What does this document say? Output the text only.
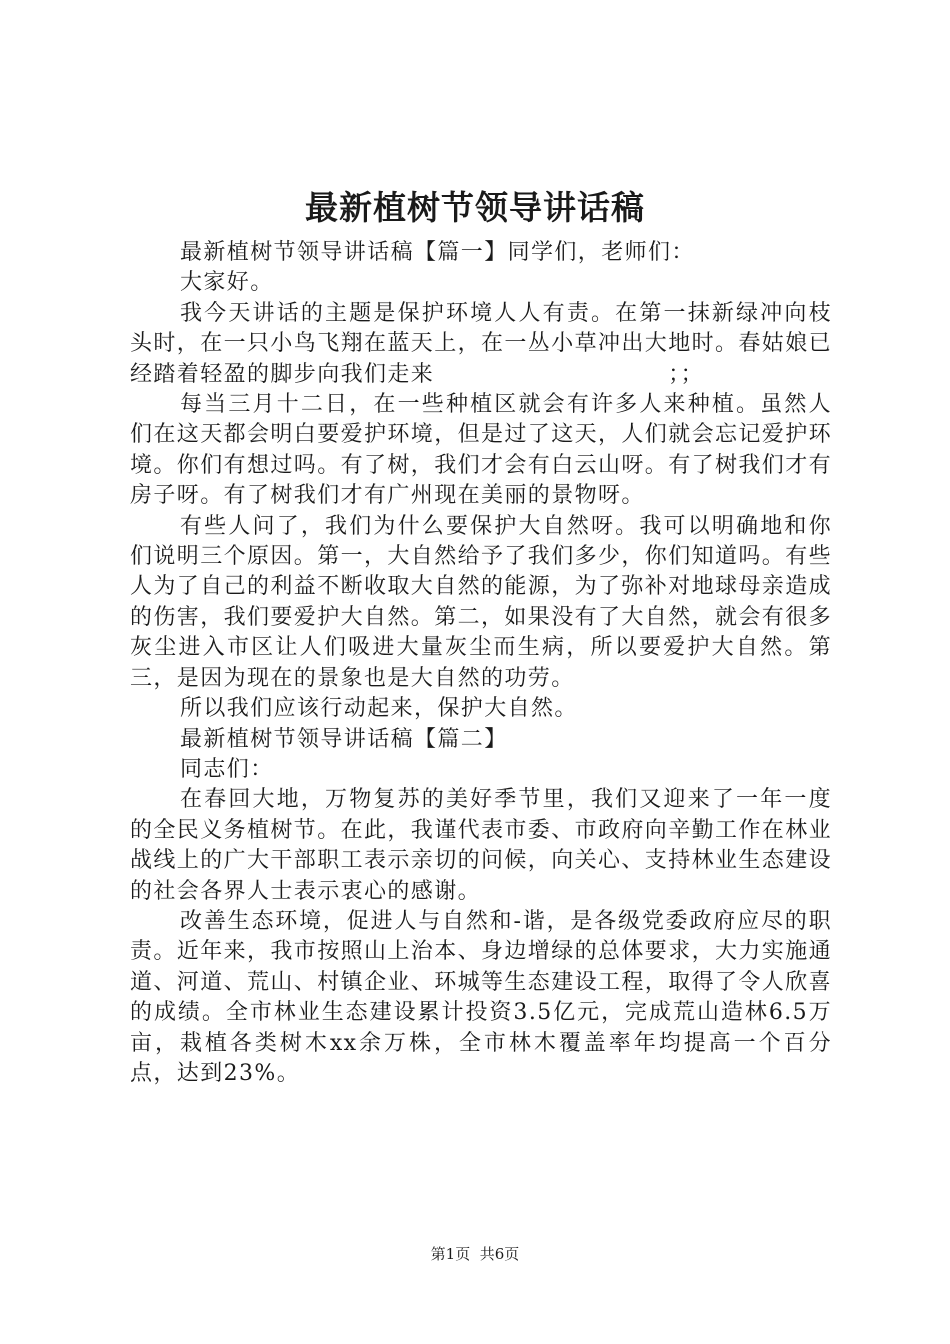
最新植树节领导讲话稿

最新植树节领导讲话稿【篇一】同学们，老师们：

大家好。

我今天讲话的主题是保护环境人人有责。在第一抹新绿冲向枝头时，在一只小鸟飞翔在蓝天上，在一丛小草冲出大地时。春姑娘已经踏着轻盈的脚步向我们走来　　　　　　　　　　；；

每当三月十二日，在一些种植区就会有许多人来种植。虽然人们在这天都会明白要爱护环境，但是过了这天，人们就会忘记爱护环境。你们有想过吗。有了树，我们才会有白云山呀。有了树我们才有房子呀。有了树我们才有广州现在美丽的景物呀。

有些人问了，我们为什么要保护大自然呀。我可以明确地和你们说明三个原因。第一，大自然给予了我们多少，你们知道吗。有些人为了自己的利益不断收取大自然的能源，为了弥补对地球母亲造成的伤害，我们要爱护大自然。第二，如果没有了大自然，就会有很多灰尘进入市区让人们吸进大量灰尘而生病，所以要爱护大自然。第三，是因为现在的景象也是大自然的功劳。

所以我们应该行动起来，保护大自然。

最新植树节领导讲话稿【篇二】

同志们：

在春回大地，万物复苏的美好季节里，我们又迎来了一年一度的全民义务植树节。在此，我谨代表市委、市政府向辛勤工作在林业战线上的广大干部职工表示亲切的问候，向关心、支持林业生态建设的社会各界人士表示衷心的感谢。

改善生态环境，促进人与自然和-谐，是各级党委政府应尽的职责。近年来，我市按照山上治本、身边增绿的总体要求，大力实施通道、河道、荒山、村镇企业、环城等生态建设工程，取得了令人欣喜的成绩。全市林业生态建设累计投资3.5亿元，完成荒山造林6.5万亩，栽植各类树木xx余万株，全市林木覆盖率年均提高一个百分点，达到23%。

第1页 共6页
